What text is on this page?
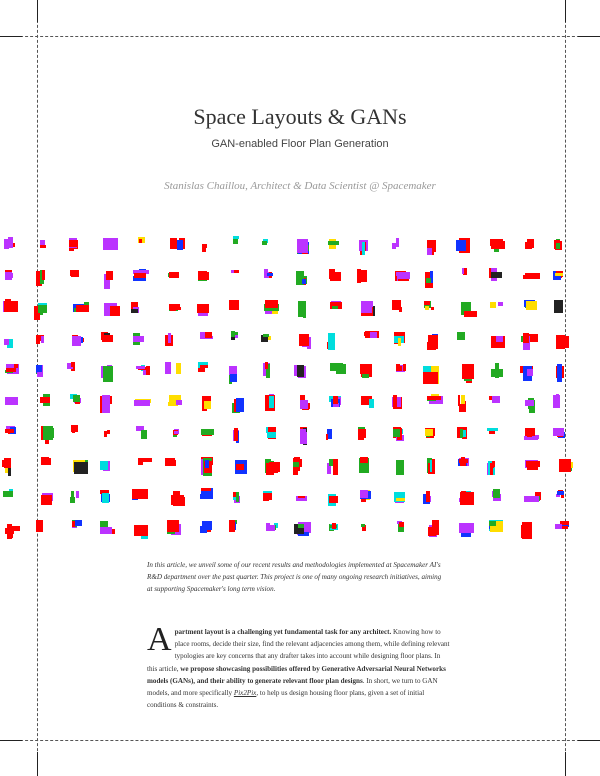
Space Layouts & GANs
GAN-enabled Floor Plan Generation
Stanislas Chaillou, Architect & Data Scientist @ Spacemaker
In this article, we unveil some of our recent results and methodologies implemented at Spacemaker AI's R&D department over the past quarter. This project is one of many ongoing research initiatives, aiming at supporting Spacemaker's long term vision.
Apartment layout is a challenging yet fundamental task for any architect. Knowing how to place rooms, decide their size, find the relevant adjacencies among them, while defining relevant typologies are key concerns that any drafter takes into account while designing floor plans. In this article, we propose showcasing possibilities offered by Generative Adversarial Neural Networks models (GANs), and their ability to generate relevant floor plan designs. In short, we turn to GAN models, and more specifically Pix2Pix, to help us design housing floor plans, given a set of initial conditions & constraints.
